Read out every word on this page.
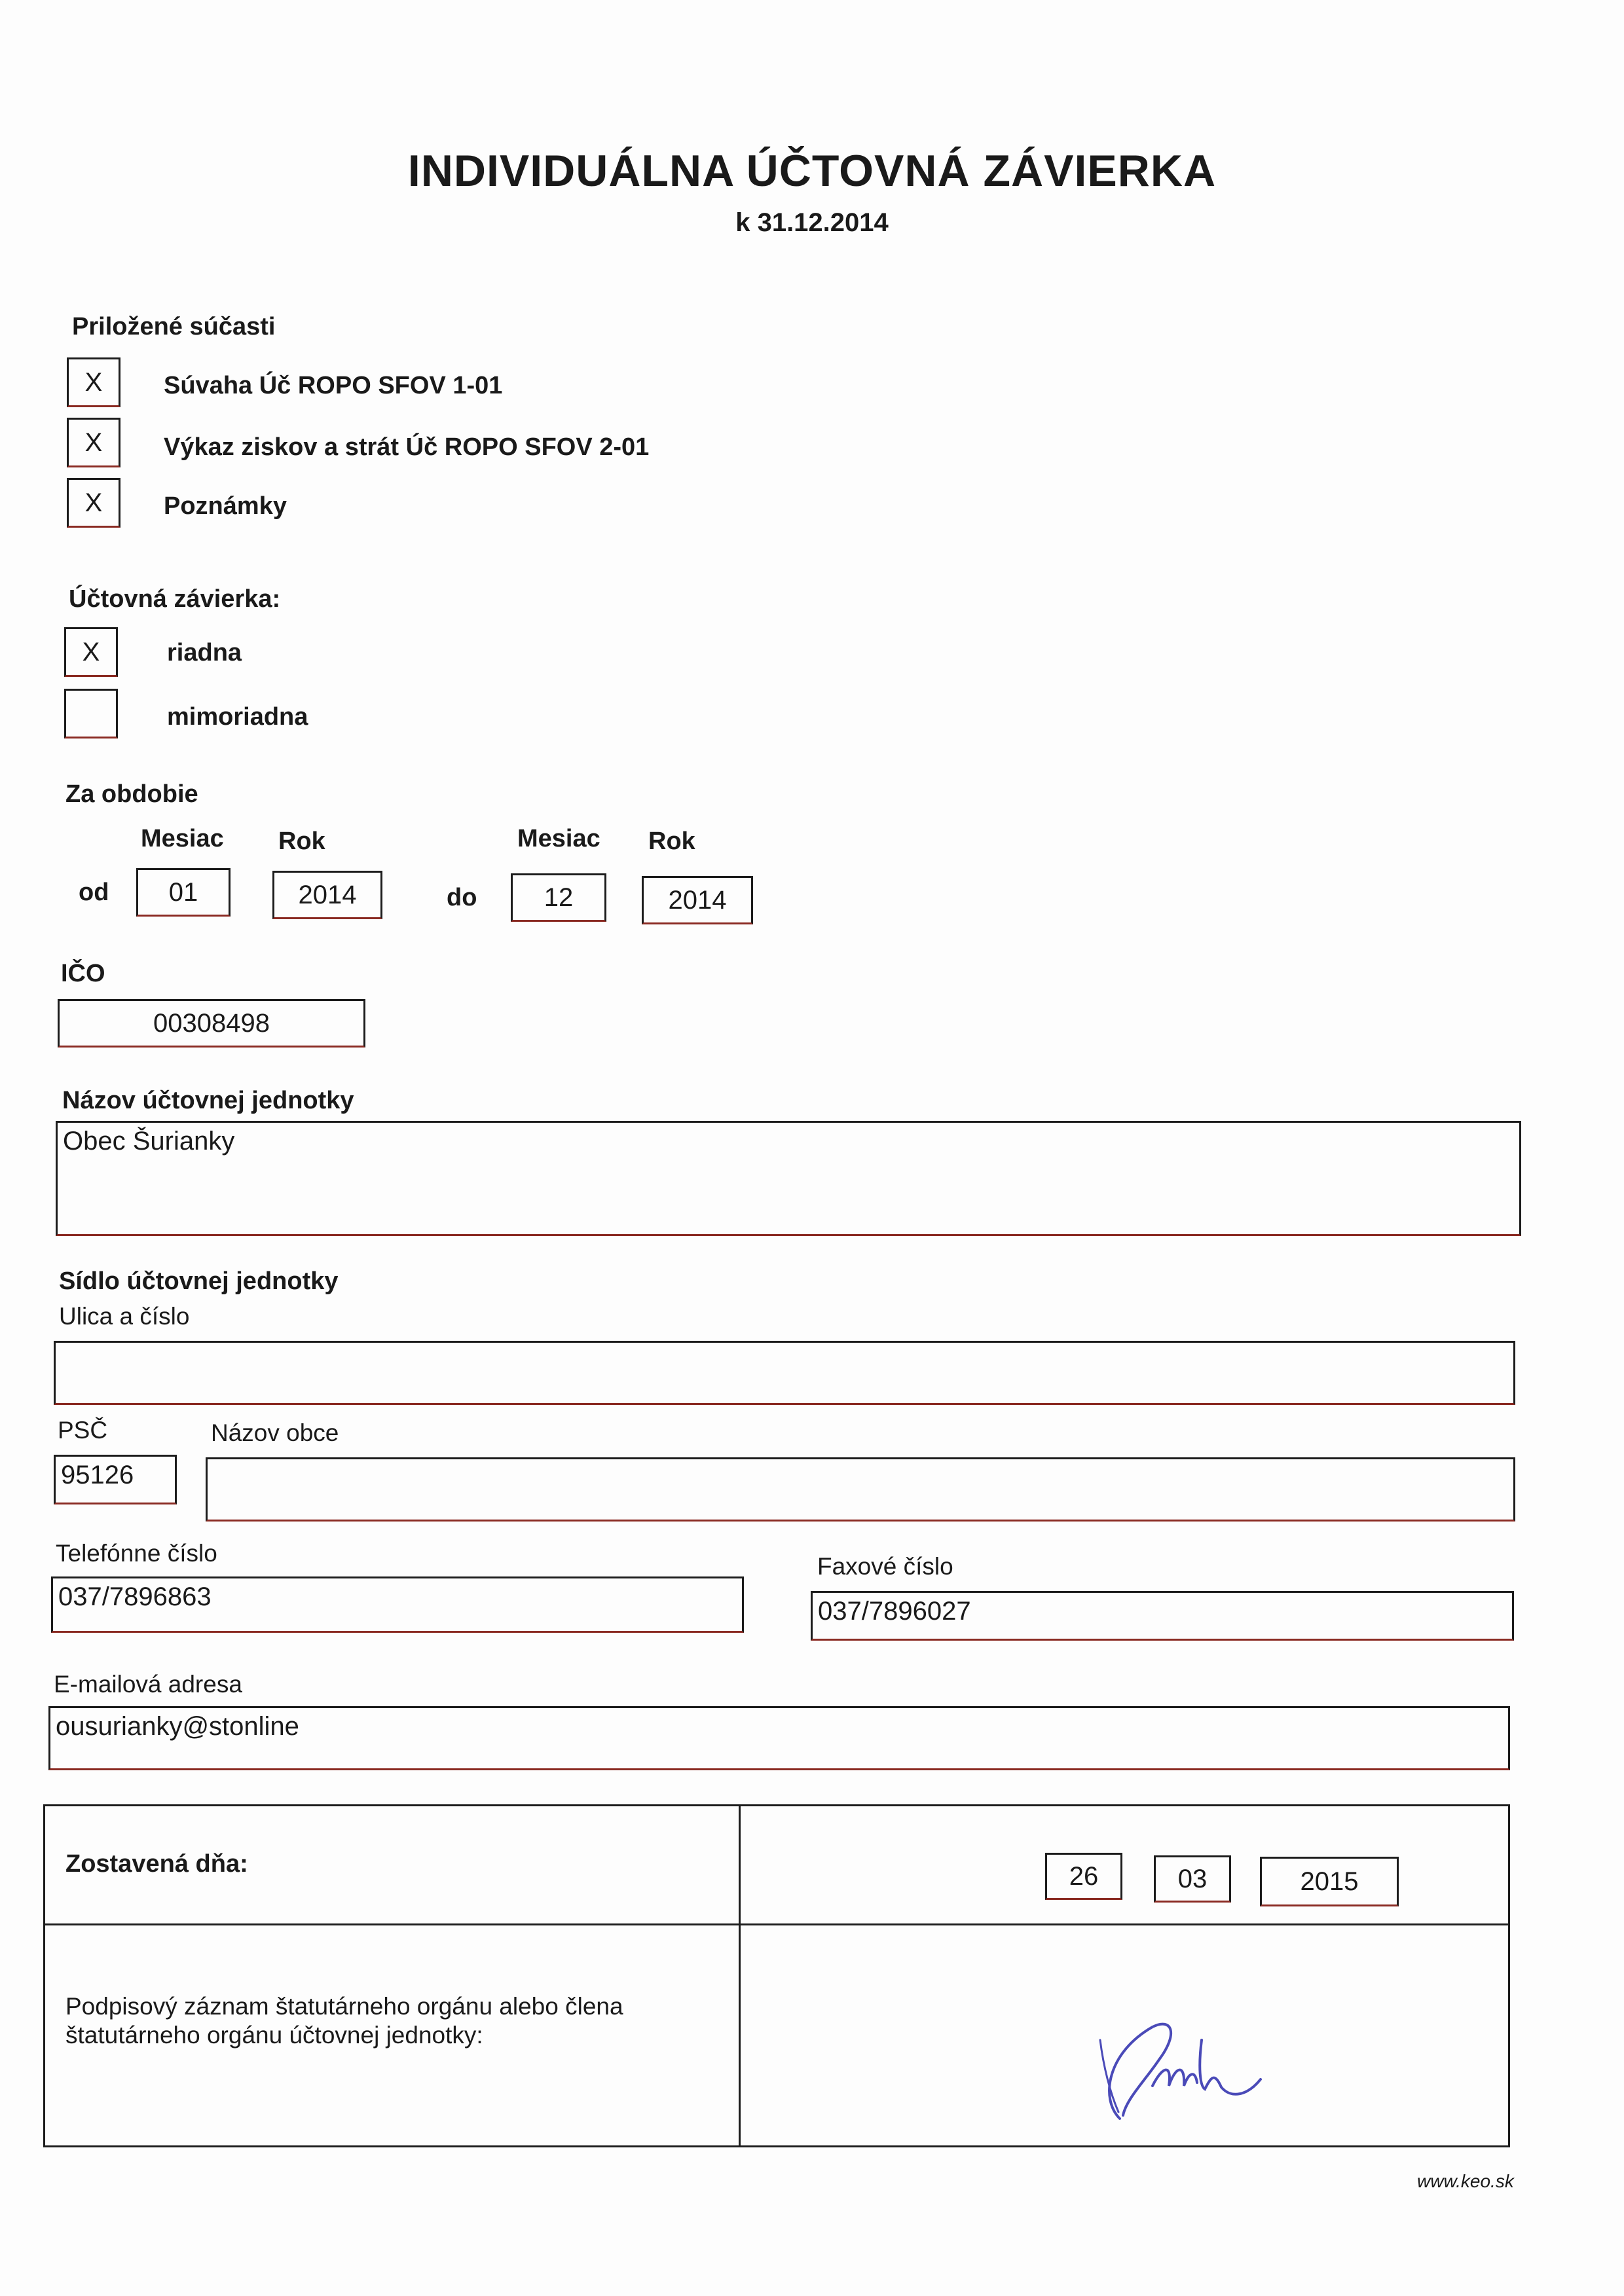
INDIVIDUÁLNA ÚČTOVNÁ ZÁVIERKA
k 31.12.2014
Priložené súčasti
X	Súvaha Úč ROPO SFOV 1-01
X	Výkaz ziskov a strát Úč ROPO SFOV 2-01
X	Poznámky
Účtovná závierka:
X	riadna
mimoriadna
Za obdobie
Mesiac Rok	Mesiac Rok
od	01	2014	do	12	2014
IČO
00308498
Názov účtovnej jednotky
Obec Šurianky
Sídlo účtovnej jednotky
Ulica a číslo
PSČ	Názov obce
95126
Telefónne číslo
037/7896863
Faxové číslo
037/7896027
E-mailová adresa
ousurianky@stonline
Zostavená dňa:	26	03	2015
Podpisový záznam štatutárneho orgánu alebo člena
štatutárneho orgánu účtovnej jednotky:
www.keo.sk
